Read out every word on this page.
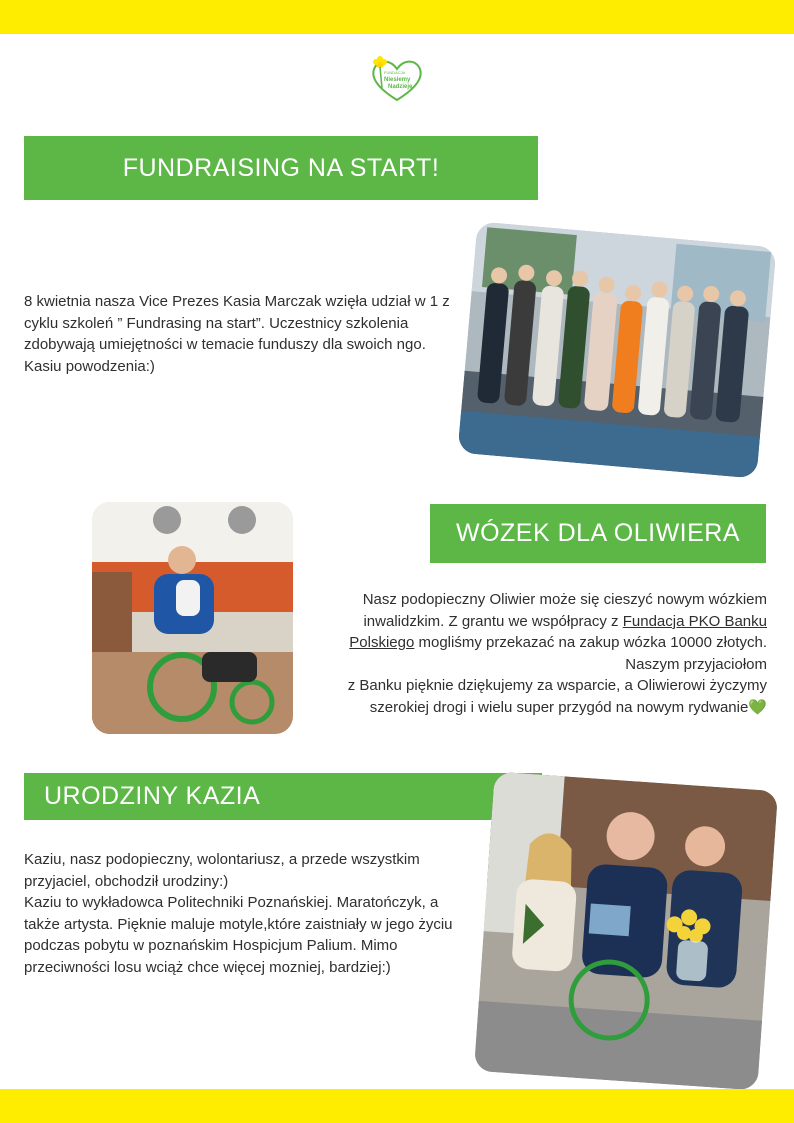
FUNDACJA
Niesiemy
Nadzieję
FUNDRAISING NA START!

8 kwietnia nasza Vice Prezes Kasia Marczak wzięła udział w 1 z cyklu szkoleń ” Fundrasing na start”. Uczestnicy szkolenia zdobywają umiejętności w temacie funduszy dla swoich ngo. Kasiu powodzenia:)

WÓZEK DLA OLIWIERA

Nasz podopieczny Oliwier może się cieszyć nowym wózkiem inwalidzkim. Z grantu we współpracy z Fundacja PKO Banku Polskiego mogliśmy przekazać na zakup wózka 10000 złotych.

Naszym przyjaciołom

z Banku pięknie dziękujemy za wsparcie, a Oliwierowi życzymy szerokiej drogi i wielu super przygód na nowym rydwanie💚

URODZINY KAZIA

Kaziu, nasz podopieczny, wolontariusz, a przede wszystkim przyjaciel, obchodził urodziny:)

Kaziu to wykładowca Politechniki Poznańskiej. Maratończyk, a także artysta. Pięknie maluje motyle,które zaistniały w jego życiu podczas pobytu w poznańskim Hospicjum Palium. Mimo przeciwności losu wciąż chce więcej mozniej, bardziej:)
